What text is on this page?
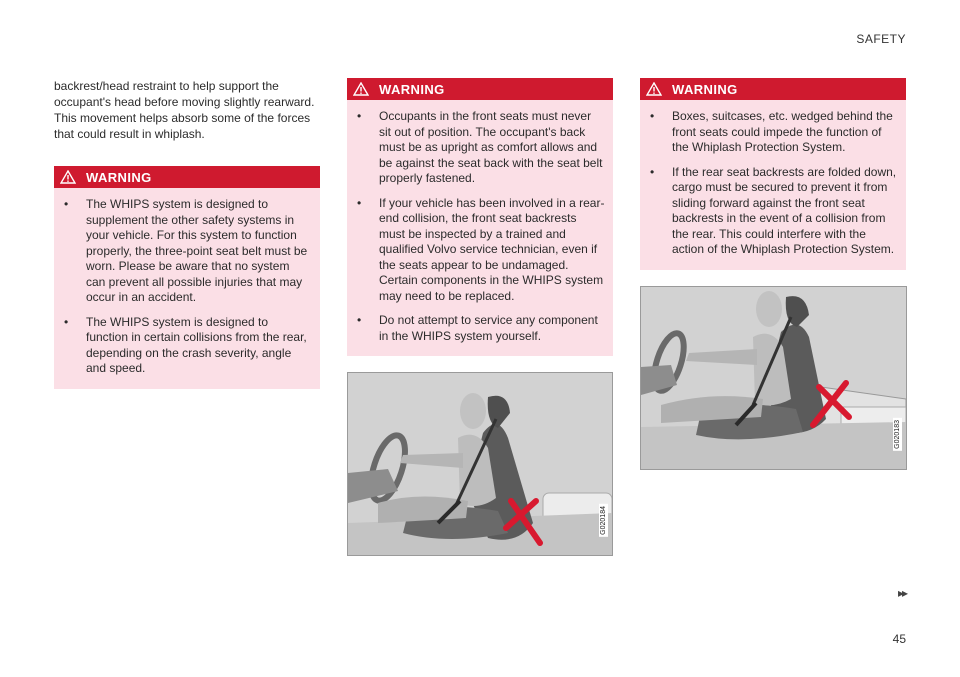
SAFETY

backrest/head restraint to help support the occupant's head before moving slightly rearward. This movement helps absorb some of the forces that could result in whiplash.

WARNING
• The WHIPS system is designed to supplement the other safety systems in your vehicle. For this system to function properly, the three-point seat belt must be worn. Please be aware that no system can prevent all possible injuries that may occur in an accident.
• The WHIPS system is designed to function in certain collisions from the rear, depending on the crash severity, angle and speed.
WARNING
• Occupants in the front seats must never sit out of position. The occupant's back must be as upright as comfort allows and be against the seat back with the seat belt properly fastened.
• If your vehicle has been involved in a rear-end collision, the front seat backrests must be inspected by a trained and qualified Volvo service technician, even if the seats appear to be undamaged. Certain components in the WHIPS system may need to be replaced.
• Do not attempt to service any component in the WHIPS system yourself.
G020184
WARNING
• Boxes, suitcases, etc. wedged behind the front seats could impede the function of the Whiplash Protection System.
• If the rear seat backrests are folded down, cargo must be secured to prevent it from sliding forward against the front seat backrests in the event of a collision from the rear. This could interfere with the action of the Whiplash Protection System.
G020183
▸▸
45
